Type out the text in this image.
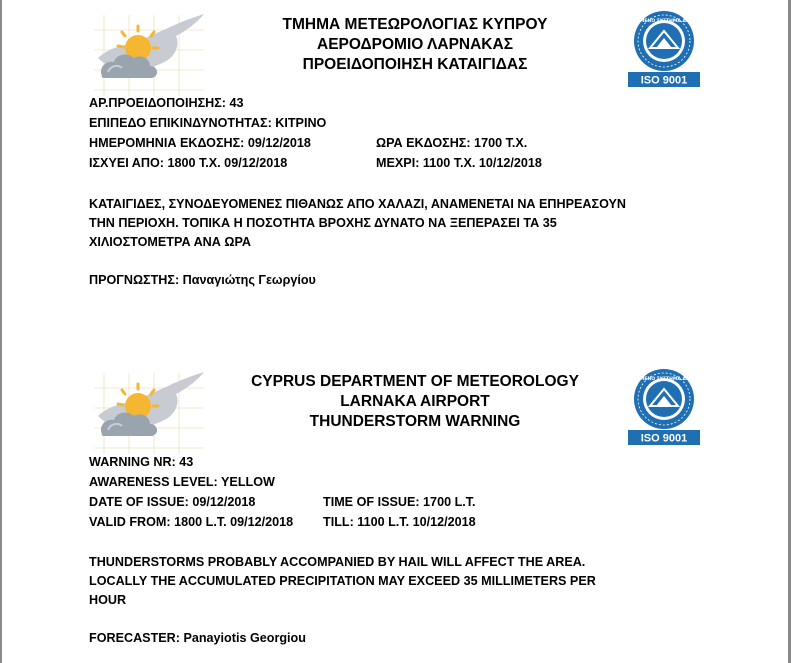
ΤΜΗΜΑ ΜΕΤΕΩΡΟΛΟΓΙΑΣ ΚΥΠΡΟΥ
ΑΕΡΟΔΡΟΜΙΟ ΛΑΡΝΑΚΑΣ
ΠΡΟΕΙΔΟΠΟΙΗΣΗ ΚΑΤΑΙΓΙΔΑΣ
ΠΙΣΤΟΠΟΙΗΜΕΝΟ ΣΥΣΤΗΜΑ ΔΙΑΣΦΑΛΙΣΗΣ
ISO 9001
ΑΡ.ΠΡΟΕΙΔΟΠΟΙΗΣΗΣ: 43
ΕΠΙΠΕΔΟ ΕΠΙΚΙΝΔΥΝΟΤΗΤΑΣ: ΚΙΤΡΙΝΟ
ΗΜΕΡΟΜΗΝΙΑ ΕΚΔΟΣΗΣ: 09/12/2018	ΩΡΑ ΕΚΔΟΣΗΣ: 1700 Τ.Χ.
ΙΣΧΥΕΙ ΑΠΟ: 1800 Τ.Χ. 09/12/2018	ΜΕΧΡΙ: 1100 Τ.Χ. 10/12/2018
ΚΑΤΑΙΓΙΔΕΣ, ΣΥΝΟΔΕΥΟΜΕΝΕΣ ΠΙΘΑΝΩΣ ΑΠΟ ΧΑΛΑΖΙ, ΑΝΑΜΕΝΕΤΑΙ ΝΑ ΕΠΗΡΕΑΣΟΥΝ
ΤΗΝ ΠΕΡΙΟΧΗ. ΤΟΠΙΚΑ Η ΠΟΣΟΤΗΤΑ ΒΡΟΧΗΣ ΔΥΝΑΤΟ ΝΑ ΞΕΠΕΡΑΣΕΙ ΤΑ 35
ΧΙΛΙΟΣΤΟΜΕΤΡΑ ΑΝΑ ΩΡΑ
ΠΡΟΓΝΩΣΤΗΣ: Παναγιώτης Γεωργίου
CYPRUS DEPARTMENT OF METEOROLOGY
LARNAKA AIRPORT
THUNDERSTORM WARNING
ΠΙΣΤΟΠΟΙΗΜΕΝΟ ΣΥΣΤΗΜΑ ΔΙΑΣΦΑΛΙΣΗΣ
ISO 9001
WARNING NR: 43
AWARENESS LEVEL: YELLOW
DATE OF ISSUE: 09/12/2018	TIME OF ISSUE: 1700 L.T.
VALID FROM: 1800 L.T. 09/12/2018 TILL: 1100 L.T. 10/12/2018
THUNDERSTORMS PROBABLY ACCOMPANIED BY HAIL WILL AFFECT THE AREA.
LOCALLY THE ACCUMULATED PRECIPITATION MAY EXCEED 35 MILLIMETERS PER
HOUR
FORECASTER: Panayiotis Georgiou
